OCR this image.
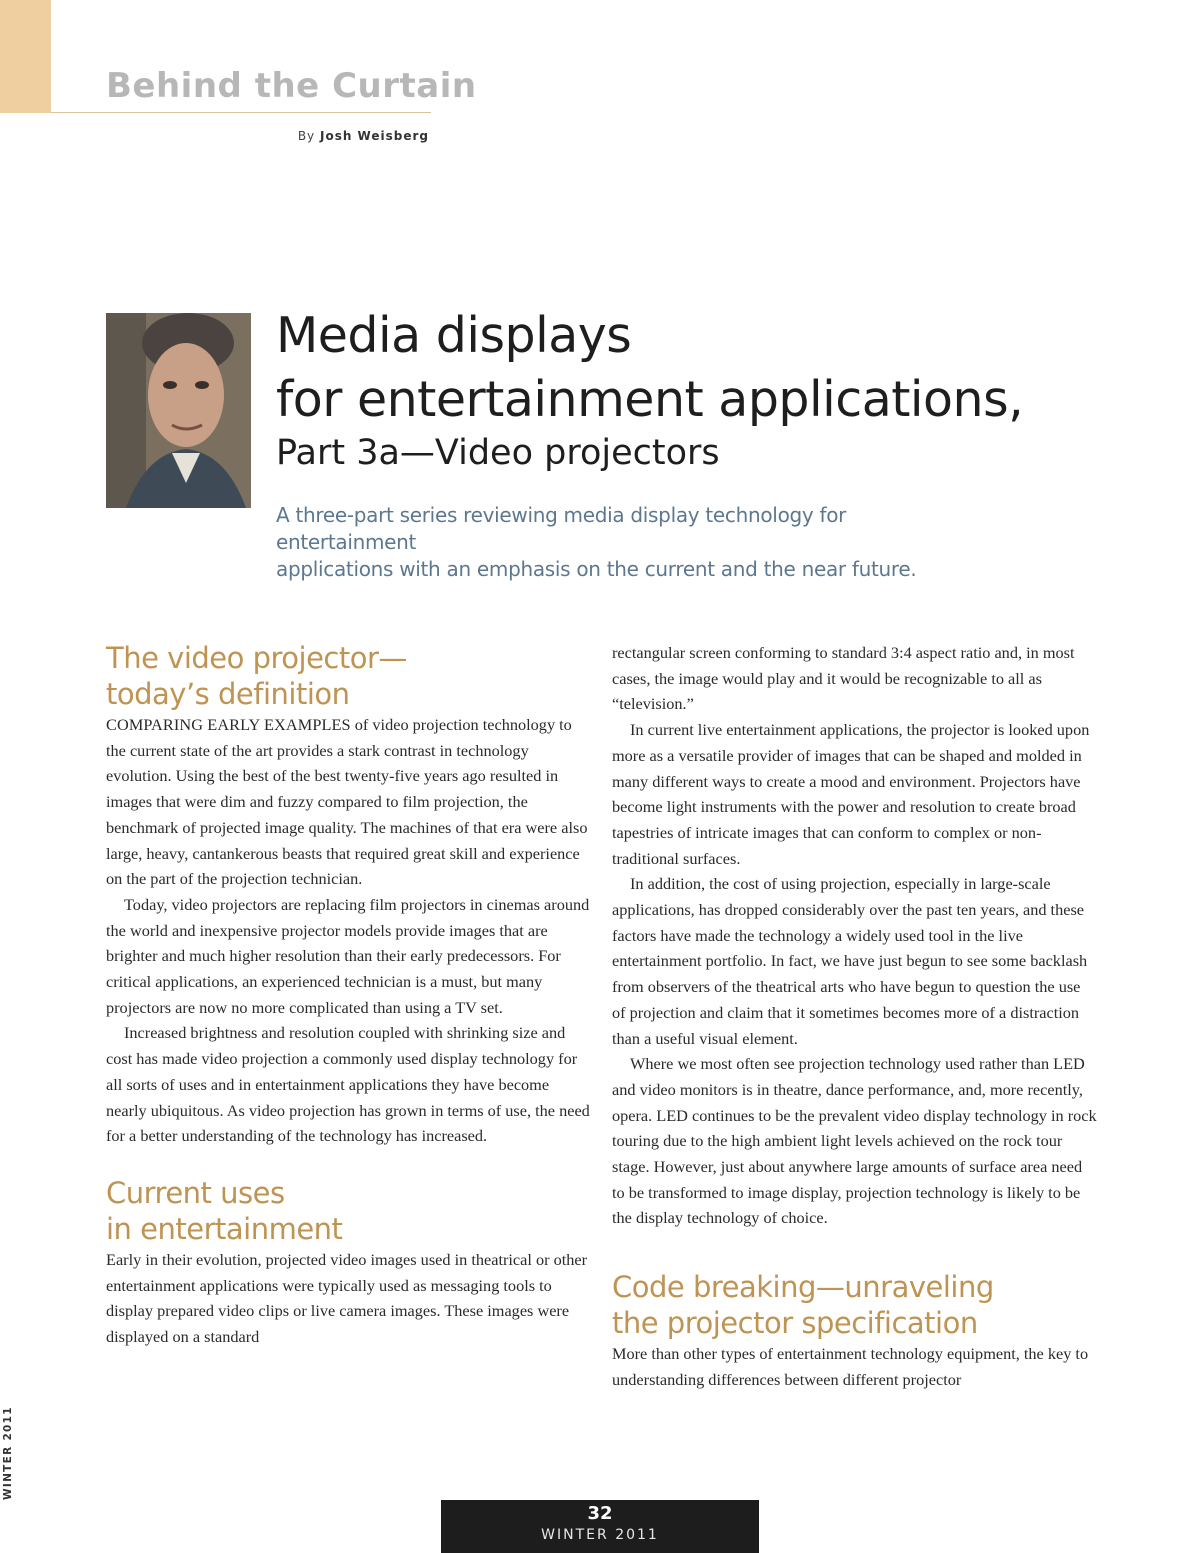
Behind the Curtain
By Josh Weisberg
Media displays
for entertainment applications,
Part 3a—Video projectors
A three-part series reviewing media display technology for entertainment
applications with an emphasis on the current and the near future.
The video projector—
today’s definition

COMPARING EARLY EXAMPLES of video projection technology to the current state of the art provides a stark contrast in technology evolution. Using the best of the best twenty-five years ago resulted in images that were dim and fuzzy compared to film projection, the benchmark of projected image quality. The machines of that era were also large, heavy, cantankerous beasts that required great skill and experience on the part of the projection technician.

Today, video projectors are replacing film projectors in cinemas around the world and inexpensive projector models provide images that are brighter and much higher resolution than their early predecessors. For critical applications, an experienced technician is a must, but many projectors are now no more complicated than using a TV set.

Increased brightness and resolution coupled with shrinking size and cost has made video projection a commonly used display technology for all sorts of uses and in entertainment applications they have become nearly ubiquitous. As video projection has grown in terms of use, the need for a better understanding of the technology has increased.

Current uses
in entertainment

Early in their evolution, projected video images used in theatrical or other entertainment applications were typically used as messaging tools to display prepared video clips or live camera images. These images were displayed on a standard

rectangular screen conforming to standard 3:4 aspect ratio and, in most cases, the image would play and it would be recognizable to all as “television.”

In current live entertainment applications, the projector is looked upon more as a versatile provider of images that can be shaped and molded in many different ways to create a mood and environment. Projectors have become light instruments with the power and resolution to create broad tapestries of intricate images that can conform to complex or non-traditional surfaces.

In addition, the cost of using projection, especially in large-scale applications, has dropped considerably over the past ten years, and these factors have made the technology a widely used tool in the live entertainment portfolio. In fact, we have just begun to see some backlash from observers of the theatrical arts who have begun to question the use of projection and claim that it sometimes becomes more of a distraction than a useful visual element.

Where we most often see projection technology used rather than LED and video monitors is in theatre, dance performance, and, more recently, opera. LED continues to be the prevalent video display technology in rock touring due to the high ambient light levels achieved on the rock tour stage. However, just about anywhere large amounts of surface area need to be transformed to image display, projection technology is likely to be the display technology of choice.

Code breaking—unraveling
the projector specification

More than other types of entertainment technology equipment, the key to understanding differences between different projector

WINTER 2011
32
WINTER 2011
